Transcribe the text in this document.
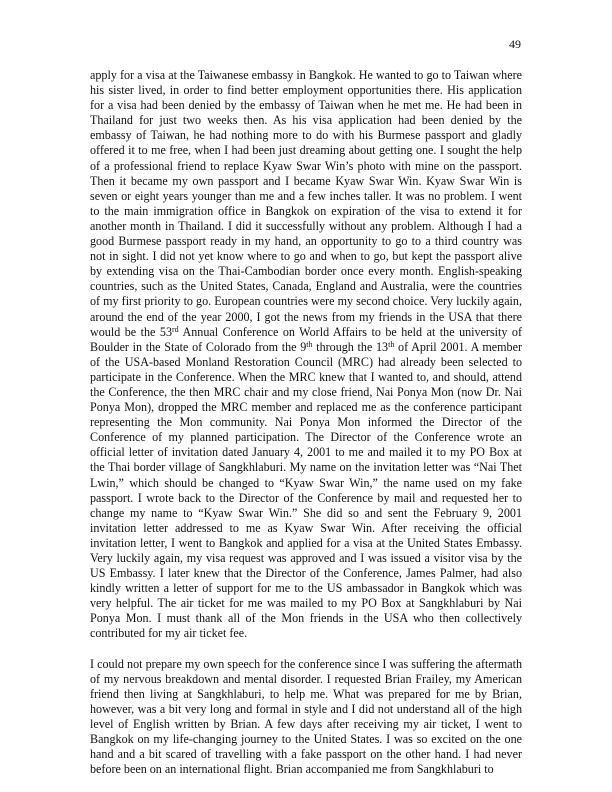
49

apply for a visa at the Taiwanese embassy in Bangkok. He wanted to go to Taiwan where his sister lived, in order to find better employment opportunities there. His application for a visa had been denied by the embassy of Taiwan when he met me. He had been in Thailand for just two weeks then. As his visa application had been denied by the embassy of Taiwan, he had nothing more to do with his Burmese passport and gladly offered it to me free, when I had been just dreaming about getting one. I sought the help of a professional friend to replace Kyaw Swar Win’s photo with mine on the passport. Then it became my own passport and I became Kyaw Swar Win. Kyaw Swar Win is seven or eight years younger than me and a few inches taller. It was no problem. I went to the main immigration office in Bangkok on expiration of the visa to extend it for another month in Thailand. I did it successfully without any problem. Although I had a good Burmese passport ready in my hand, an opportunity to go to a third country was not in sight. I did not yet know where to go and when to go, but kept the passport alive by extending visa on the Thai-Cambodian border once every month. English-speaking countries, such as the United States, Canada, England and Australia, were the countries of my first priority to go. European countries were my second choice. Very luckily again, around the end of the year 2000, I got the news from my friends in the USA that there would be the 53rd Annual Conference on World Affairs to be held at the university of Boulder in the State of Colorado from the 9th through the 13th of April 2001. A member of the USA-based Monland Restoration Council (MRC) had already been selected to participate in the Conference. When the MRC knew that I wanted to, and should, attend the Conference, the then MRC chair and my close friend, Nai Ponya Mon (now Dr. Nai Ponya Mon), dropped the MRC member and replaced me as the conference participant representing the Mon community. Nai Ponya Mon informed the Director of the Conference of my planned participation. The Director of the Conference wrote an official letter of invitation dated January 4, 2001 to me and mailed it to my PO Box at the Thai border village of Sangkhlaburi. My name on the invitation letter was “Nai Thet Lwin,” which should be changed to “Kyaw Swar Win,” the name used on my fake passport. I wrote back to the Director of the Conference by mail and requested her to change my name to “Kyaw Swar Win.” She did so and sent the February 9, 2001 invitation letter addressed to me as Kyaw Swar Win. After receiving the official invitation letter, I went to Bangkok and applied for a visa at the United States Embassy. Very luckily again, my visa request was approved and I was issued a visitor visa by the US Embassy. I later knew that the Director of the Conference, James Palmer, had also kindly written a letter of support for me to the US ambassador in Bangkok which was very helpful. The air ticket for me was mailed to my PO Box at Sangkhlaburi by Nai Ponya Mon. I must thank all of the Mon friends in the USA who then collectively contributed for my air ticket fee.

I could not prepare my own speech for the conference since I was suffering the aftermath of my nervous breakdown and mental disorder. I requested Brian Frailey, my American friend then living at Sangkhlaburi, to help me. What was prepared for me by Brian, however, was a bit very long and formal in style and I did not understand all of the high level of English written by Brian. A few days after receiving my air ticket, I went to Bangkok on my life-changing journey to the United States. I was so excited on the one hand and a bit scared of travelling with a fake passport on the other hand. I had never before been on an international flight. Brian accompanied me from Sangkhlaburi to
